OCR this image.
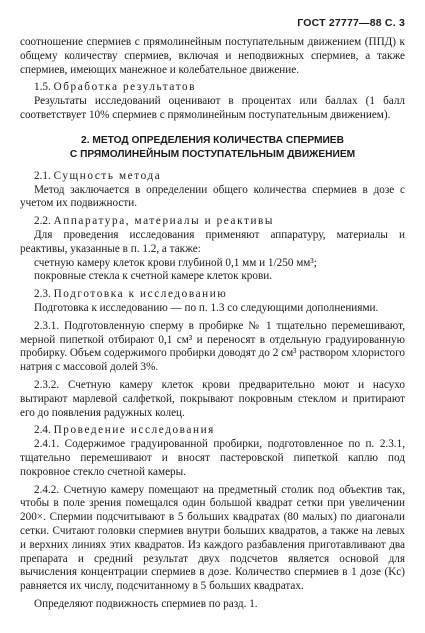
ГОСТ 27777—88 С. 3

соотношение спермиев с прямолинейным поступательным движением (ППД) к общему количеству спермиев, включая и неподвижных спермиев, а также спермиев, имеющих манежное и колебательное движение.

1.5. Обработка результатов

Результаты исследований оценивают в процентах или баллах (1 балл соответствует 10% спермиев с прямолинейным поступательным движением).

2. МЕТОД ОПРЕДЕЛЕНИЯ КОЛИЧЕСТВА СПЕРМИЕВ
С ПРЯМОЛИНЕЙНЫМ ПОСТУПАТЕЛЬНЫМ ДВИЖЕНИЕМ

2.1. Сущность метода

Метод заключается в определении общего количества спермиев в дозе с учетом их подвижности.

2.2. Аппаратура, материалы и реактивы

Для проведения исследования применяют аппаратуру, материалы и реактивы, указанные в п. 1.2, а также:

счетную камеру клеток крови глубиной 0,1 мм и 1/250 мм³;

покровные стекла к счетной камере клеток крови.

2.3. Подготовка к исследованию

Подготовка к исследованию — по п. 1.3 со следующими дополнениями.

2.3.1. Подготовленную сперму в пробирке № 1 тщательно перемешивают, мерной пипеткой отбирают 0,1 см³ и переносят в отдельную градуированную пробирку. Объем содержимого пробирки доводят до 2 см³ раствором хлористого натрия с массовой долей 3%.

2.3.2. Счетную камеру клеток крови предварительно моют и насухо вытирают марлевой салфеткой, покрывают покровным стеклом и притирают его до появления радужных колец.

2.4. Проведение исследования

2.4.1. Содержимое градуированной пробирки, подготовленное по п. 2.3.1, тщательно перемешивают и вносят пастеровской пипеткой каплю под покровное стекло счетной камеры.

2.4.2. Счетную камеру помещают на предметный столик под объектив так, чтобы в поле зрения помещался один большой квадрат сетки при увеличении 200×. Спермии подсчитывают в 5 больших квадратах (80 малых) по диагонали сетки. Считают головки спермиев внутри больших квадратов, а также на левых и верхних линиях этих квадратов. Из каждого разбавления приготавливают два препарата и средний результат двух подсчетов является основой для вычисления концентрации спермиев в дозе. Количество спермиев в 1 дозе (Kc) равняется их числу, подсчитанному в 5 больших квадратах.

Определяют подвижность спермиев по разд. 1.
